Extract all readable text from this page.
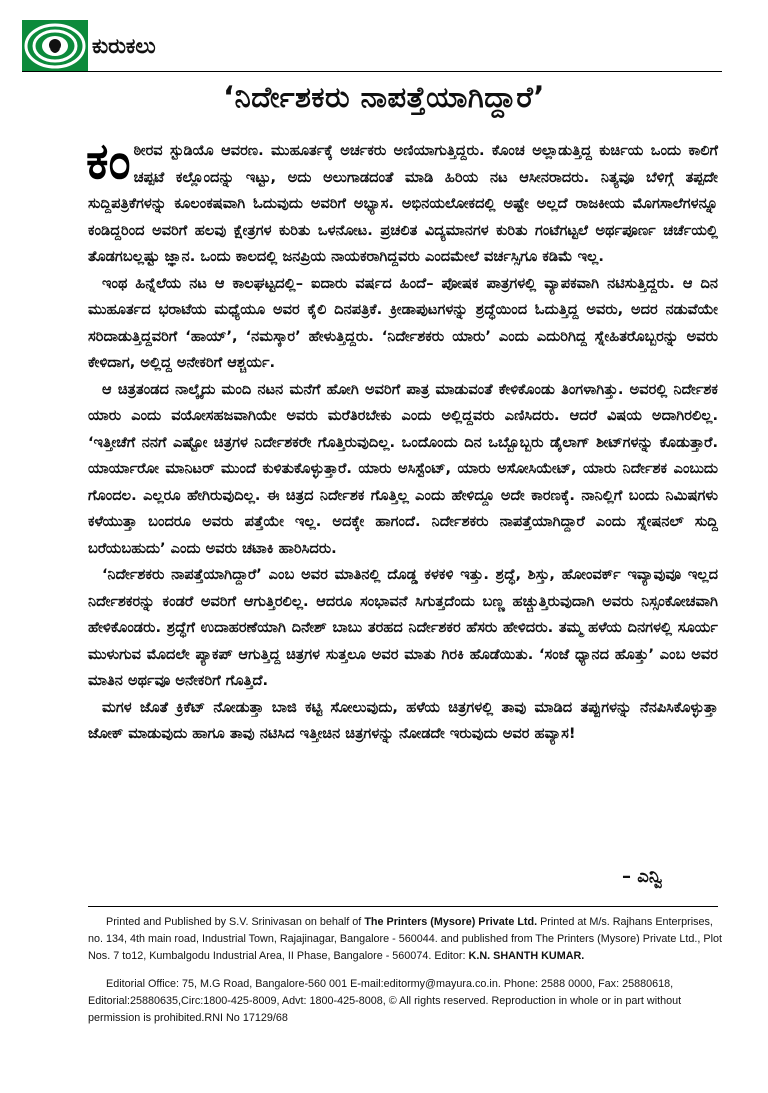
ಕುರುಕಲು
‘ನಿರ್ದೇಶಕರು ನಾಪತ್ತೆಯಾಗಿದ್ದಾರೆ’

ಕಂಠೀರವ ಸ್ಟುಡಿಯೊ ಆವರಣ. ಮುಹೂರ್ತಕ್ಕೆ ಅರ್ಚಕರು ಅಣಿಯಾಗುತ್ತಿದ್ದರು. ಕೊಂಚ ಅಲ್ಲಾಡುತ್ತಿದ್ದ ಕುರ್ಚಿಯ ಒಂದು ಕಾಲಿಗೆ ಚಪ್ಪಟೆ ಕಲ್ಲೊಂದನ್ನು ಇಟ್ಟು, ಅದು ಅಲುಗಾಡದಂತೆ ಮಾಡಿ ಹಿರಿಯ ನಟ ಆಸೀನರಾದರು. ನಿತ್ಯವೂ ಬೆಳಿಗ್ಗೆ ತಪ್ಪದೇ ಸುದ್ದಿಪತ್ರಿಕೆಗಳನ್ನು ಕೂಲಂಕಷವಾಗಿ ಓದುವುದು ಅವರಿಗೆ ಅಭ್ಯಾಸ. ಅಭಿನಯಲೋಕದಲ್ಲಿ ಅಷ್ಟೇ ಅಲ್ಲದೆ ರಾಜಕೀಯ ಮೊಗಸಾಲೆಗಳನ್ನೂ ಕಂಡಿದ್ದರಿಂದ ಅವರಿಗೆ ಹಲವು ಕ್ಷೇತ್ರಗಳ ಕುರಿತು ಒಳನೋಟ. ಪ್ರಚಲಿತ ವಿದ್ಯಮಾನಗಳ ಕುರಿತು ಗಂಟೆಗಟ್ಟಲೆ ಅರ್ಥಪೂರ್ಣ ಚರ್ಚೆಯಲ್ಲಿ ತೊಡಗಬಲ್ಲಷ್ಟು ಜ್ಞಾನ. ಒಂದು ಕಾಲದಲ್ಲಿ ಜನಪ್ರಿಯ ನಾಯಕರಾಗಿದ್ದವರು ಎಂದಮೇಲೆ ವರ್ಚಸ್ಸಿಗೂ ಕಡಿಮೆ ಇಲ್ಲ.

ಇಂಥ ಹಿನ್ನೆಲೆಯ ನಟ ಆ ಕಾಲಘಟ್ಟದಲ್ಲಿ– ಐದಾರು ವರ್ಷದ ಹಿಂದೆ– ಪೋಷಕ ಪಾತ್ರಗಳಲ್ಲಿ ವ್ಯಾಪಕವಾಗಿ ನಟಿಸುತ್ತಿದ್ದರು. ಆ ದಿನ ಮುಹೂರ್ತದ ಭರಾಟೆಯ ಮಧ್ಯೆಯೂ ಅವರ ಕೈಲಿ ದಿನಪತ್ರಿಕೆ. ಕ್ರೀಡಾಪುಟಗಳನ್ನು ಶ್ರದ್ಧೆಯಿಂದ ಓದುತ್ತಿದ್ದ ಅವರು, ಅದರ ನಡುವೆಯೇ ಸರಿದಾಡುತ್ತಿದ್ದವರಿಗೆ ‘ಹಾಯ್’, ‘ನಮಸ್ಕಾರ’ ಹೇಳುತ್ತಿದ್ದರು. ‘ನಿರ್ದೇಶಕರು ಯಾರು’ ಎಂದು ಎದುರಿಗಿದ್ದ ಸ್ನೇಹಿತರೊಬ್ಬರನ್ನು ಅವರು ಕೇಳಿದಾಗ, ಅಲ್ಲಿದ್ದ ಅನೇಕರಿಗೆ ಆಶ್ಚರ್ಯ.

ಆ ಚಿತ್ರತಂಡದ ನಾಲ್ಕೈದು ಮಂದಿ ನಟನ ಮನೆಗೆ ಹೋಗಿ ಅವರಿಗೆ ಪಾತ್ರ ಮಾಡುವಂತೆ ಕೇಳಿಕೊಂಡು ತಿಂಗಳಾಗಿತ್ತು. ಅವರಲ್ಲಿ ನಿರ್ದೇಶಕ ಯಾರು ಎಂದು ವಯೋಸಹಜವಾಗಿಯೇ ಅವರು ಮರೆತಿರಬೇಕು ಎಂದು ಅಲ್ಲಿದ್ದವರು ಎಣಿಸಿದರು. ಆದರೆ ವಿಷಯ ಅದಾಗಿರಲಿಲ್ಲ. ‘ಇತ್ತೀಚೆಗೆ ನನಗೆ ಎಷ್ಟೋ ಚಿತ್ರಗಳ ನಿರ್ದೇಶಕರೇ ಗೊತ್ತಿರುವುದಿಲ್ಲ. ಒಂದೊಂದು ದಿನ ಒಬ್ಬೊಬ್ಬರು ಡೈಲಾಗ್ ಶೀಟ್‌ಗಳನ್ನು ಕೊಡುತ್ತಾರೆ. ಯಾರ್ಯಾರೋ ಮಾನಿಟರ್ ಮುಂದೆ ಕುಳಿತುಕೊಳ್ಳುತ್ತಾರೆ. ಯಾರು ಅಸಿಸ್ಟೆಂಟ್, ಯಾರು ಅಸೋಸಿಯೇಟ್, ಯಾರು ನಿರ್ದೇಶಕ ಎಂಬುದು ಗೊಂದಲ. ಎಲ್ಲರೂ ಹೇಗಿರುವುದಿಲ್ಲ. ಈ ಚಿತ್ರದ ನಿರ್ದೇಶಕ ಗೊತ್ತಿಲ್ಲ ಎಂದು ಹೇಳಿದ್ದೂ ಅದೇ ಕಾರಣಕ್ಕೆ. ನಾನಿಲ್ಲಿಗೆ ಬಂದು ನಿಮಿಷಗಳು ಕಳೆಯುತ್ತಾ ಬಂದರೂ ಅವರು ಪತ್ತೆಯೇ ಇಲ್ಲ. ಅದಕ್ಕೇ ಹಾಗಂದೆ. ನಿರ್ದೇಶಕರು ನಾಪತ್ತೆಯಾಗಿದ್ದಾರೆ ಎಂದು ಸ್ನೇಷನಲ್ ಸುದ್ದಿ ಬರೆಯಬಹುದು’ ಎಂದು ಅವರು ಚಟಾಕಿ ಹಾರಿಸಿದರು.

‘ನಿರ್ದೇಶಕರು ನಾಪತ್ತೆಯಾಗಿದ್ದಾರೆ’ ಎಂಬ ಅವರ ಮಾತಿನಲ್ಲಿ ದೊಡ್ಡ ಕಳಕಳಿ ಇತ್ತು. ಶ್ರದ್ಧೆ, ಶಿಸ್ತು, ಹೋಂವರ್ಕ್ ಇವ್ಯಾವುವೂ ಇಲ್ಲದ ನಿರ್ದೇಶಕರನ್ನು ಕಂಡರೆ ಅವರಿಗೆ ಆಗುತ್ತಿರಲಿಲ್ಲ. ಆದರೂ ಸಂಭಾವನೆ ಸಿಗುತ್ತದೆಂದು ಬಣ್ಣ ಹಚ್ಚುತ್ತಿರುವುದಾಗಿ ಅವರು ನಿಸ್ಸಂಕೋಚವಾಗಿ ಹೇಳಿಕೊಂಡರು. ಶ್ರದ್ಧೆಗೆ ಉದಾಹರಣೆಯಾಗಿ ದಿನೇಶ್ ಬಾಬು ತರಹದ ನಿರ್ದೇಶಕರ ಹೆಸರು ಹೇಳಿದರು. ತಮ್ಮ ಹಳೆಯ ದಿನಗಳಲ್ಲಿ ಸೂರ್ಯ ಮುಳುಗುವ ಮೊದಲೇ ಪ್ಯಾಕಪ್ ಆಗುತ್ತಿದ್ದ ಚಿತ್ರಗಳ ಸುತ್ತಲೂ ಅವರ ಮಾತು ಗಿರಕಿ ಹೊಡೆಯಿತು. ‘ಸಂಜೆ ಧ್ಯಾನದ ಹೊತ್ತು’ ಎಂಬ ಅವರ ಮಾತಿನ ಅರ್ಥವೂ ಅನೇಕರಿಗೆ ಗೊತ್ತಿದೆ.

ಮಗಳ ಜೊತೆ ಕ್ರಿಕೆಟ್ ನೋಡುತ್ತಾ ಬಾಜಿ ಕಟ್ಟಿ ಸೋಲುವುದು, ಹಳೆಯ ಚಿತ್ರಗಳಲ್ಲಿ ತಾವು ಮಾಡಿದ ತಪ್ಪುಗಳನ್ನು ನೆನಪಿಸಿಕೊಳ್ಳುತ್ತಾ ಜೋಕ್ ಮಾಡುವುದು ಹಾಗೂ ತಾವು ನಟಿಸಿದ ಇತ್ತೀಚಿನ ಚಿತ್ರಗಳನ್ನು ನೋಡದೇ ಇರುವುದು ಅವರ ಹವ್ಯಾಸ!

– ಎನ್ವಿ

Printed and Published by S.V. Srinivasan on behalf of The Printers (Mysore) Private Ltd. Printed at M/s. Rajhans Enterprises, no. 134, 4th main road, Industrial Town, Rajajinagar, Bangalore - 560044. and published from The Printers (Mysore) Private Ltd., Plot Nos. 7 to12, Kumbalgodu Industrial Area, II Phase, Bangalore - 560074. Editor: K.N. SHANTH KUMAR.

Editorial Office: 75, M.G Road, Bangalore-560 001 E-mail:editormy@mayura.co.in. Phone: 2588 0000, Fax: 25880618, Editorial:25880635,Circ:1800-425-8009, Advt: 1800-425-8008, © All rights reserved. Reproduction in whole or in part without permission is prohibited.RNI No 17129/68
